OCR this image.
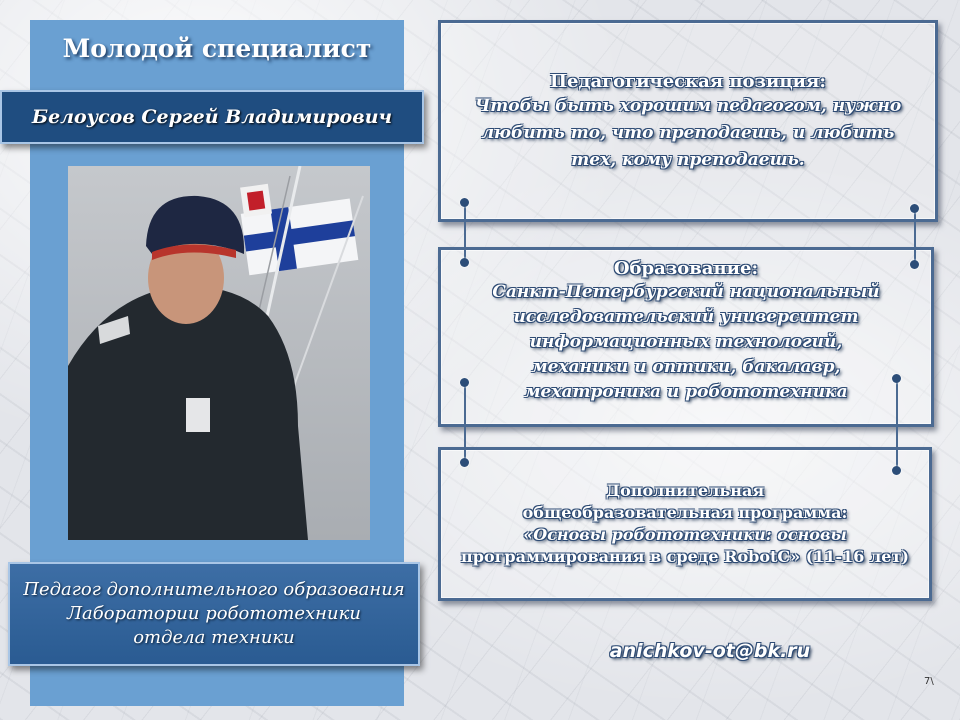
Молодой специалист
Белоусов Сергей Владимирович
Педагог дополнительного образования
Лаборатории робототехники
отдела техники
Педагогическая позиция:
Чтобы быть хорошим педагогом, нужно
любить то, что преподаешь, и любить
тех, кому преподаешь.
Образование:
Санкт-Петербургский национальный
исследовательский университет
информационных технологий,
механики и оптики, бакалавр,
мехатроника и робототехника
Дополнительная
общеобразовательная программа:
«Основы робототехники: основы
программирования в среде RobotC» (11-16 лет)
anichkov-ot@bk.ru
7\
